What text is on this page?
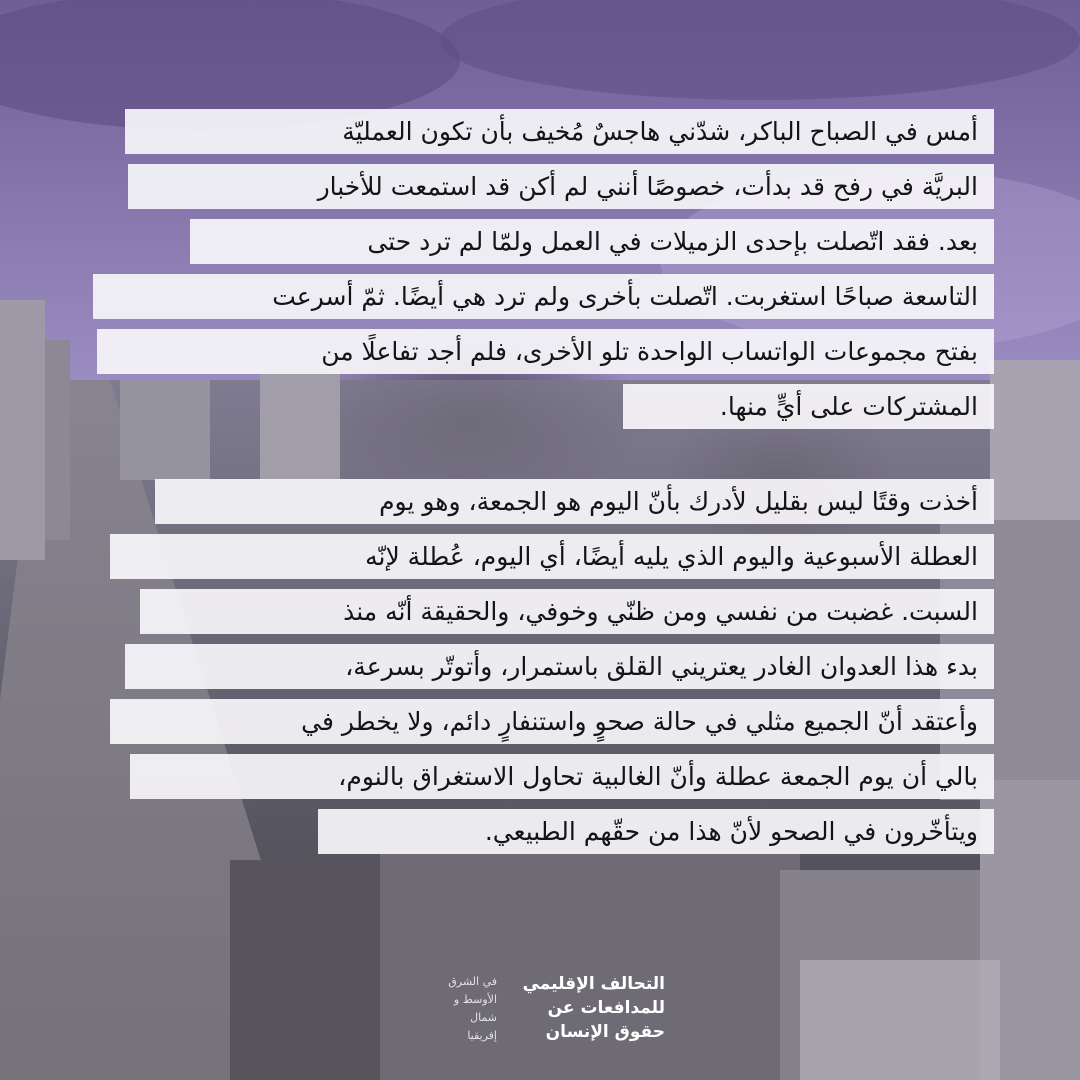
أمس في الصباح الباكر، شدّني هاجسٌ مُخيف بأن تكون العمليّة
البريَّة في رفح قد بدأت، خصوصًا أنني لم أكن قد استمعت للأخبار
بعد. فقد اتّصلت بإحدى الزميلات في العمل ولمّا لم ترد حتى
التاسعة صباحًا استغربت. اتّصلت بأخرى ولم ترد هي أيضًا. ثمّ أسرعت
بفتح مجموعات الواتساب الواحدة تلو الأخرى، فلم أجد تفاعلًا من
المشتركات على أيٍّ منها.
أخذت وقتًا ليس بقليل لأدرك بأنّ اليوم هو الجمعة، وهو يوم
العطلة الأسبوعية واليوم الذي يليه أيضًا، أي اليوم، عُطلة لإنّه
السبت. غضبت من نفسي ومن ظنّي وخوفي، والحقيقة أنّه منذ
بدء هذا العدوان الغادر يعتريني القلق باستمرار، وأتوتّر بسرعة،
وأعتقد أنّ الجميع مثلي في حالة صحوٍ واستنفارٍ دائم، ولا يخطر في
بالي أن يوم الجمعة عطلة وأنّ الغالبية تحاول الاستغراق بالنوم،
ويتأخّرون في الصحو لأنّ هذا من حقّهم الطبيعي.
التحالف الإقليمي
للمدافعات عن
حقوق الإنسان
في الشرق
الأوسط و
شمال
إفريقيا
